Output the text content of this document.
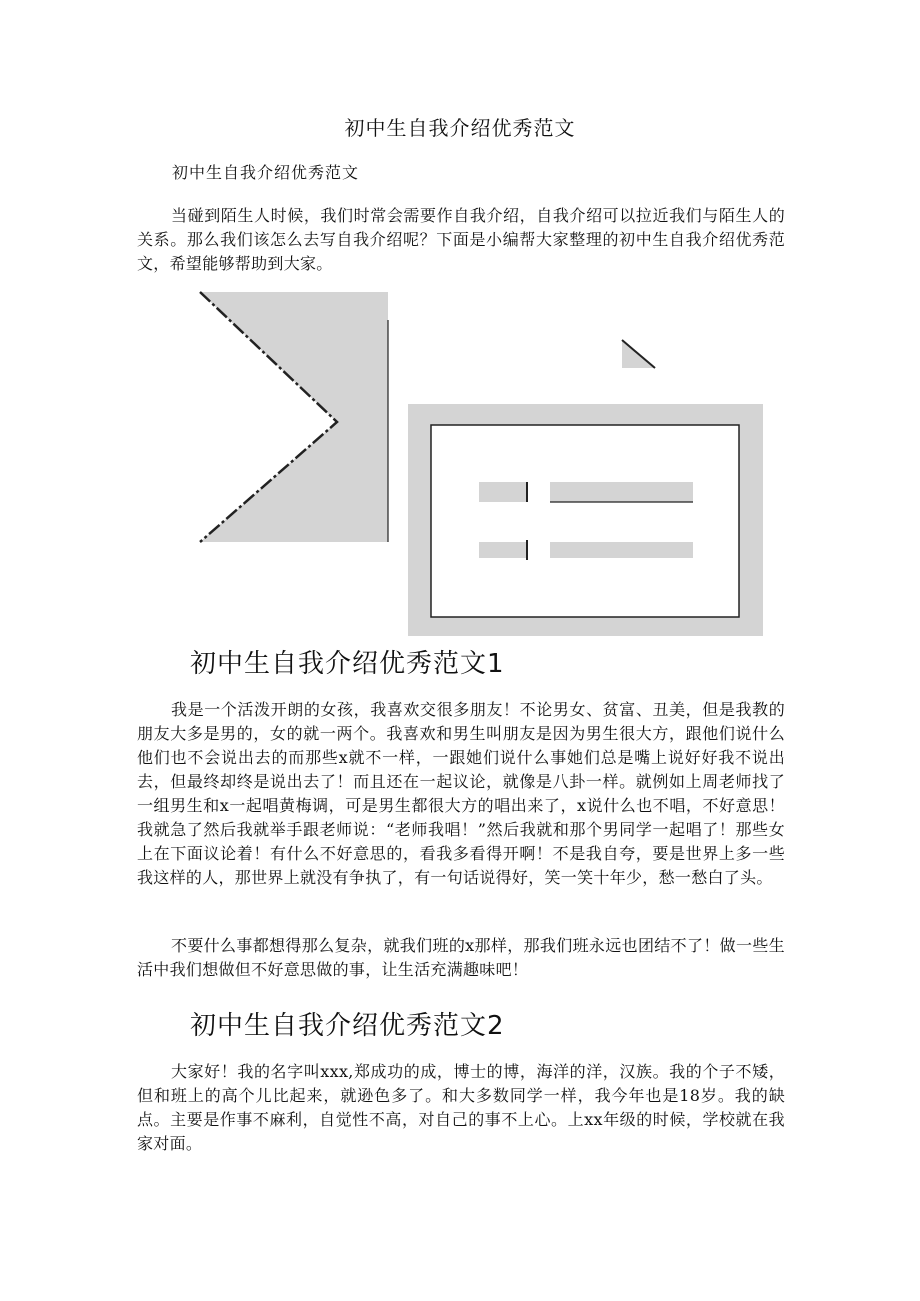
初中生自我介绍优秀范文
初中生自我介绍优秀范文

当碰到陌生人时候，我们时常会需要作自我介绍，自我介绍可以拉近我们与陌生人的关系。那么我们该怎么去写自我介绍呢？下面是小编帮大家整理的初中生自我介绍优秀范文，希望能够帮助到大家。

初中生自我介绍优秀范文1

我是一个活泼开朗的女孩，我喜欢交很多朋友！不论男女、贫富、丑美，但是我教的朋友大多是男的，女的就一两个。我喜欢和男生叫朋友是因为男生很大方，跟他们说什么他们也不会说出去的而那些x就不一样，一跟她们说什么事她们总是嘴上说好好我不说出去，但最终却终是说出去了！而且还在一起议论，就像是八卦一样。就例如上周老师找了一组男生和x一起唱黄梅调，可是男生都很大方的唱出来了，x说什么也不唱，不好意思！我就急了然后我就举手跟老师说：“老师我唱！”然后我就和那个男同学一起唱了！那些女上在下面议论着！有什么不好意思的，看我多看得开啊！不是我自夸，要是世界上多一些我这样的人，那世界上就没有争执了，有一句话说得好，笑一笑十年少，愁一愁白了头。

不要什么事都想得那么复杂，就我们班的x那样，那我们班永远也团结不了！做一些生活中我们想做但不好意思做的事，让生活充满趣味吧！

初中生自我介绍优秀范文2

大家好！我的名字叫xxx,郑成功的成，博士的博，海洋的洋，汉族。我的个子不矮，但和班上的高个儿比起来，就逊色多了。和大多数同学一样，我今年也是18岁。我的缺点。主要是作事不麻利，自觉性不高，对自己的事不上心。上xx年级的时候，学校就在我家对面。
